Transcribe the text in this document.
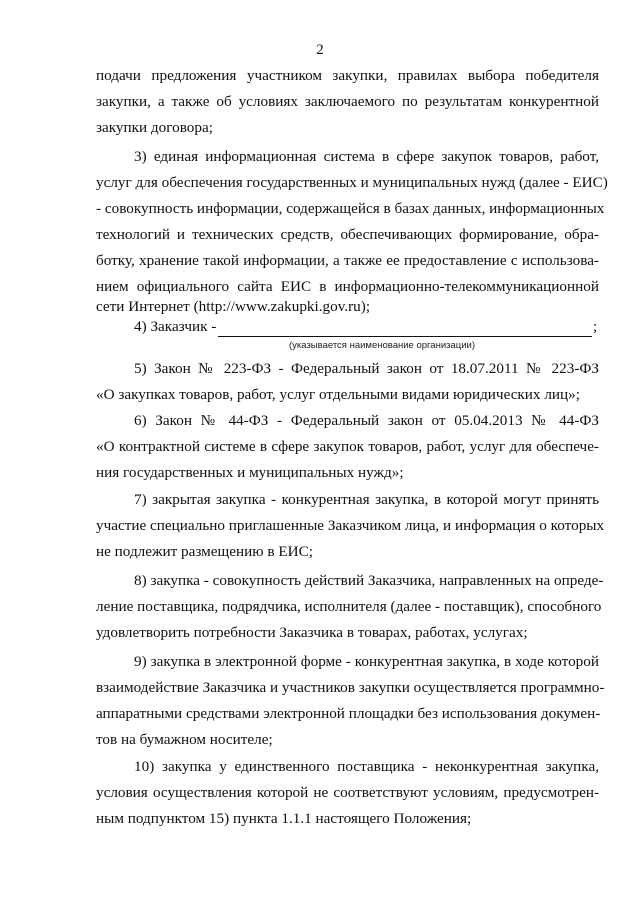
2
подачи предложения участником закупки, правилах выбора победителя
закупки, а также об условиях заключаемого по результатам конкурентной
закупки договора;
3) единая информационная система в сфере закупок товаров, работ,
услуг для обеспечения государственных и муниципальных нужд (далее - ЕИС)
- совокупность информации, содержащейся в базах данных, информационных
технологий и технических средств, обеспечивающих формирование, обра-
ботку, хранение такой информации, а также ее предоставление с использова-
нием официального сайта ЕИС в информационно-телекоммуникационной
сети Интернет (http://www.zakupki.gov.ru);
4) Заказчик -	;
(указывается наименование организации)
5) Закон № 223-ФЗ - Федеральный закон от 18.07.2011 № 223-ФЗ
«О закупках товаров, работ, услуг отдельными видами юридических лиц»;
6) Закон № 44-ФЗ - Федеральный закон от 05.04.2013 № 44-ФЗ
«О контрактной системе в сфере закупок товаров, работ, услуг для обеспече-
ния государственных и муниципальных нужд»;
7) закрытая закупка - конкурентная закупка, в которой могут принять
участие специально приглашенные Заказчиком лица, и информация о которых
не подлежит размещению в ЕИС;
8) закупка - совокупность действий Заказчика, направленных на опреде-
ление поставщика, подрядчика, исполнителя (далее - поставщик), способного
удовлетворить потребности Заказчика в товарах, работах, услугах;
9) закупка в электронной форме - конкурентная закупка, в ходе которой
взаимодействие Заказчика и участников закупки осуществляется программно-
аппаратными средствами электронной площадки без использования докумен-
тов на бумажном носителе;
10) закупка у единственного поставщика - неконкурентная закупка,
условия осуществления которой не соответствуют условиям, предусмотрен-
ным подпунктом 15) пункта 1.1.1 настоящего Положения;
